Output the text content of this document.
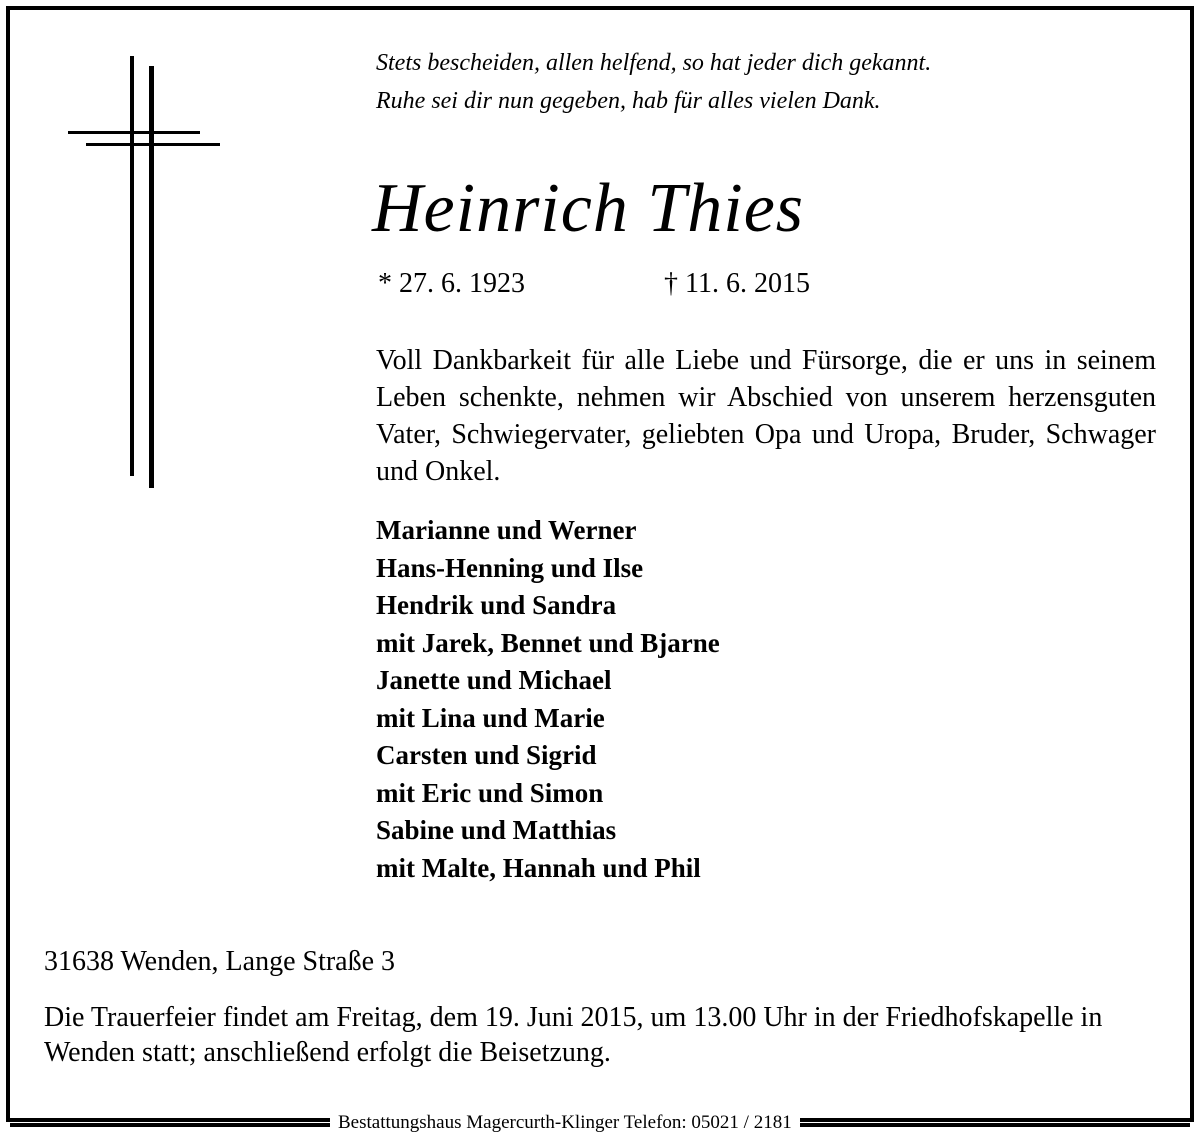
Stets bescheiden, allen helfend, so hat jeder dich gekannt.
Ruhe sei dir nun gegeben, hab für alles vielen Dank.
Heinrich Thies
* 27. 6. 1923	† 11. 6. 2015
Voll Dankbarkeit für alle Liebe und Fürsorge, die er uns in seinem Leben schenkte, nehmen wir Abschied von unserem herzensguten Vater, Schwiegervater, geliebten Opa und Uropa, Bruder, Schwager und Onkel.
Marianne und Werner
Hans-Henning und Ilse
Hendrik und Sandra
mit Jarek, Bennet und Bjarne
Janette und Michael
mit Lina und Marie
Carsten und Sigrid
mit Eric und Simon
Sabine und Matthias
mit Malte, Hannah und Phil
31638 Wenden, Lange Straße 3
Die Trauerfeier findet am Freitag, dem 19. Juni 2015, um 13.00 Uhr in der Friedhofskapelle in Wenden statt; anschließend erfolgt die Beisetzung.
Bestattungshaus Magercurth-Klinger Telefon: 05021 / 2181
